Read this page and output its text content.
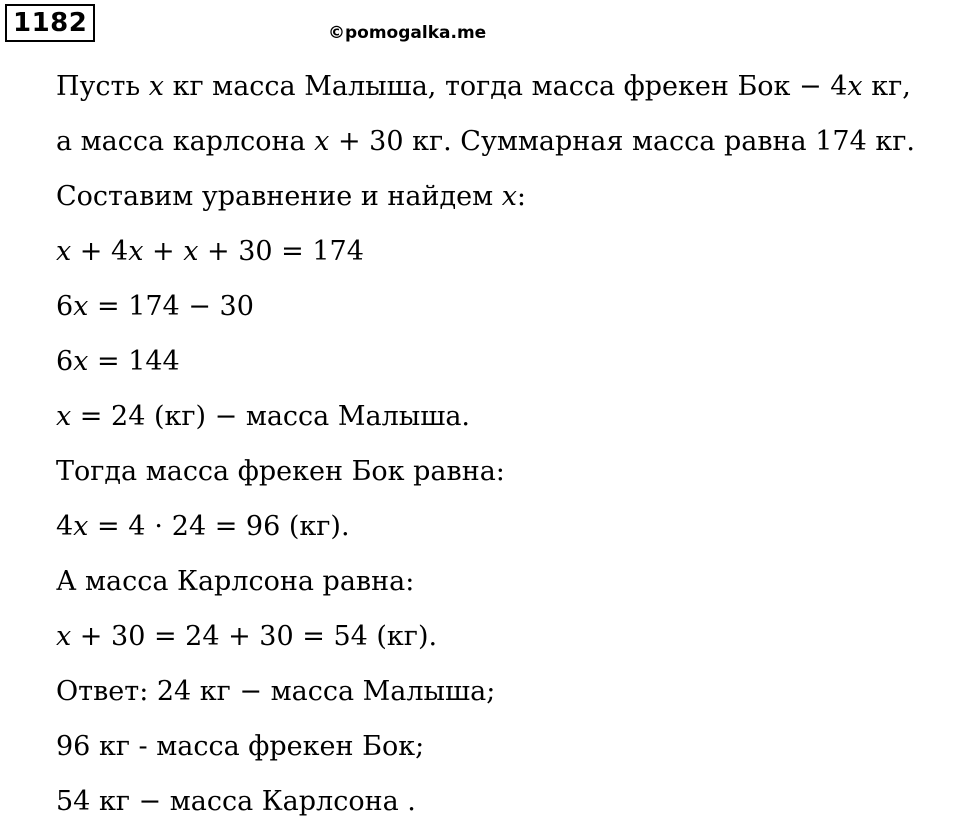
1182	©pomogalka.me
Пусть 𝑥 кг масса Малыша, тогда масса фрекен Бок − 4𝑥 кг,
а масса карлсона 𝑥 + 30 кг. Суммарная масса равна 174 кг.
Составим уравнение и найдем 𝑥:
𝑥 + 4𝑥 + 𝑥 + 30 = 174
6𝑥 = 174 − 30
6𝑥 = 144
𝑥 = 24 (кг) − масса Малыша.
Тогда масса фрекен Бок равна:
4𝑥 = 4 ⋅ 24 = 96 (кг).
А масса Карлсона равна:
𝑥 + 30 = 24 + 30 = 54 (кг).
Ответ: 24 кг − масса Малыша;
96 кг - масса фрекен Бок;
54 кг − масса Карлсона .
